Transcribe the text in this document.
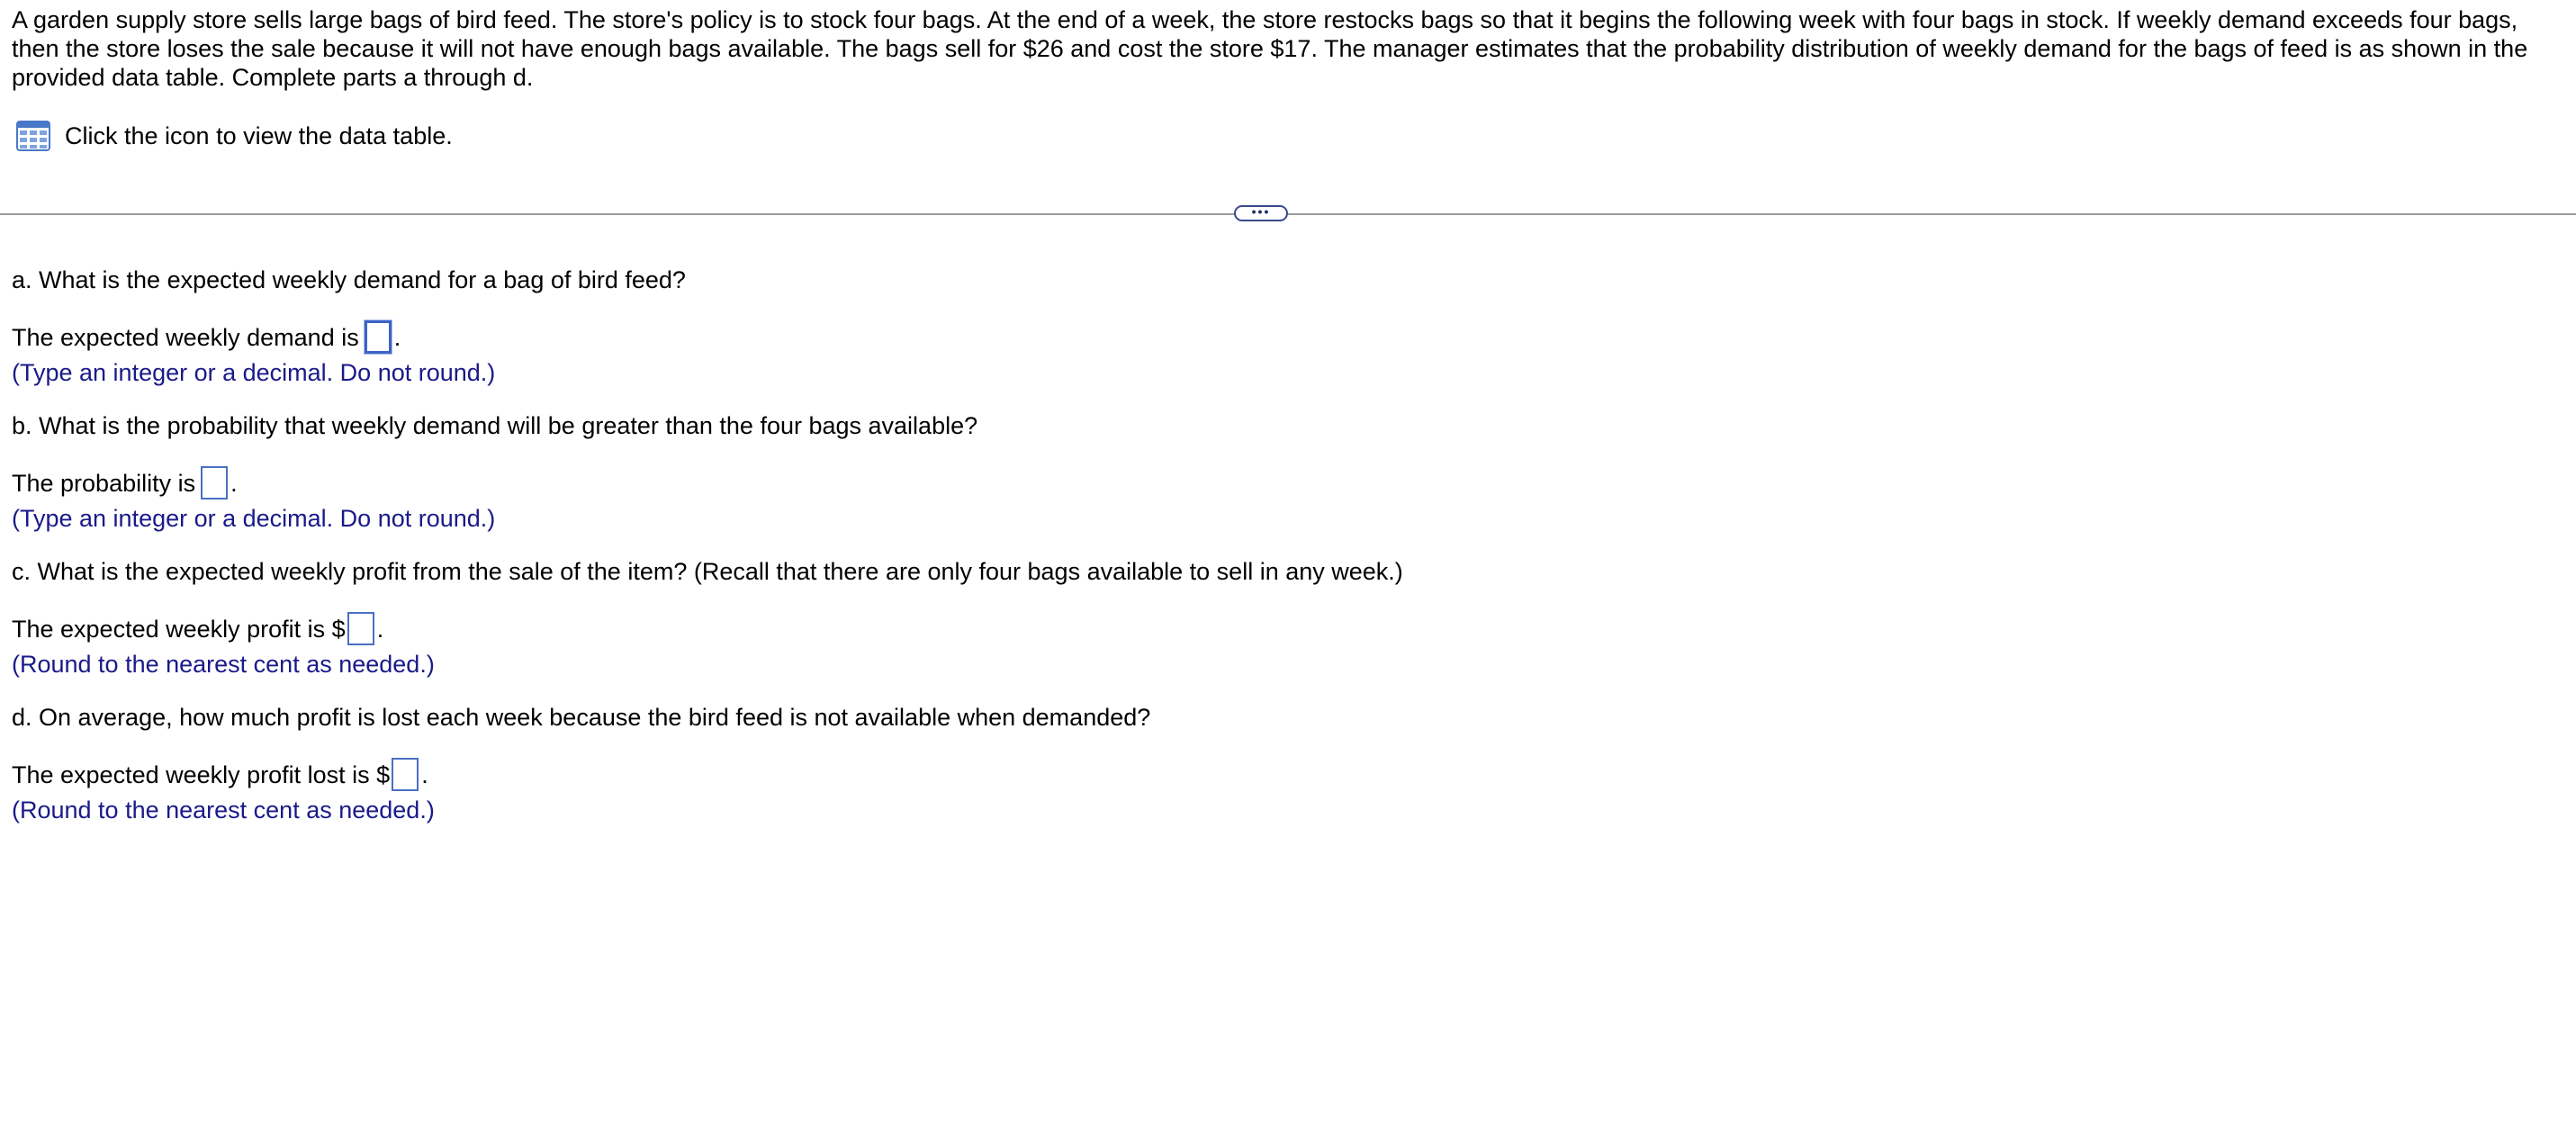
A garden supply store sells large bags of bird feed. The store's policy is to stock four bags. At the end of a week, the store restocks bags so that it begins the following week with four bags in stock. If weekly demand exceeds four bags, then the store loses the sale because it will not have enough bags available. The bags sell for $26 and cost the store $17. The manager estimates that the probability distribution of weekly demand for the bags of feed is as shown in the provided data table. Complete parts a through d.

Click the icon to view the data table.
•••

a. What is the expected weekly demand for a bag of bird feed?

The expected weekly demand is .
(Type an integer or a decimal. Do not round.)

b. What is the probability that weekly demand will be greater than the four bags available?

The probability is .
(Type an integer or a decimal. Do not round.)

c. What is the expected weekly profit from the sale of the item? (Recall that there are only four bags available to sell in any week.)

The expected weekly profit is $ .
(Round to the nearest cent as needed.)

d. On average, how much profit is lost each week because the bird feed is not available when demanded?

The expected weekly profit lost is $ .
(Round to the nearest cent as needed.)
